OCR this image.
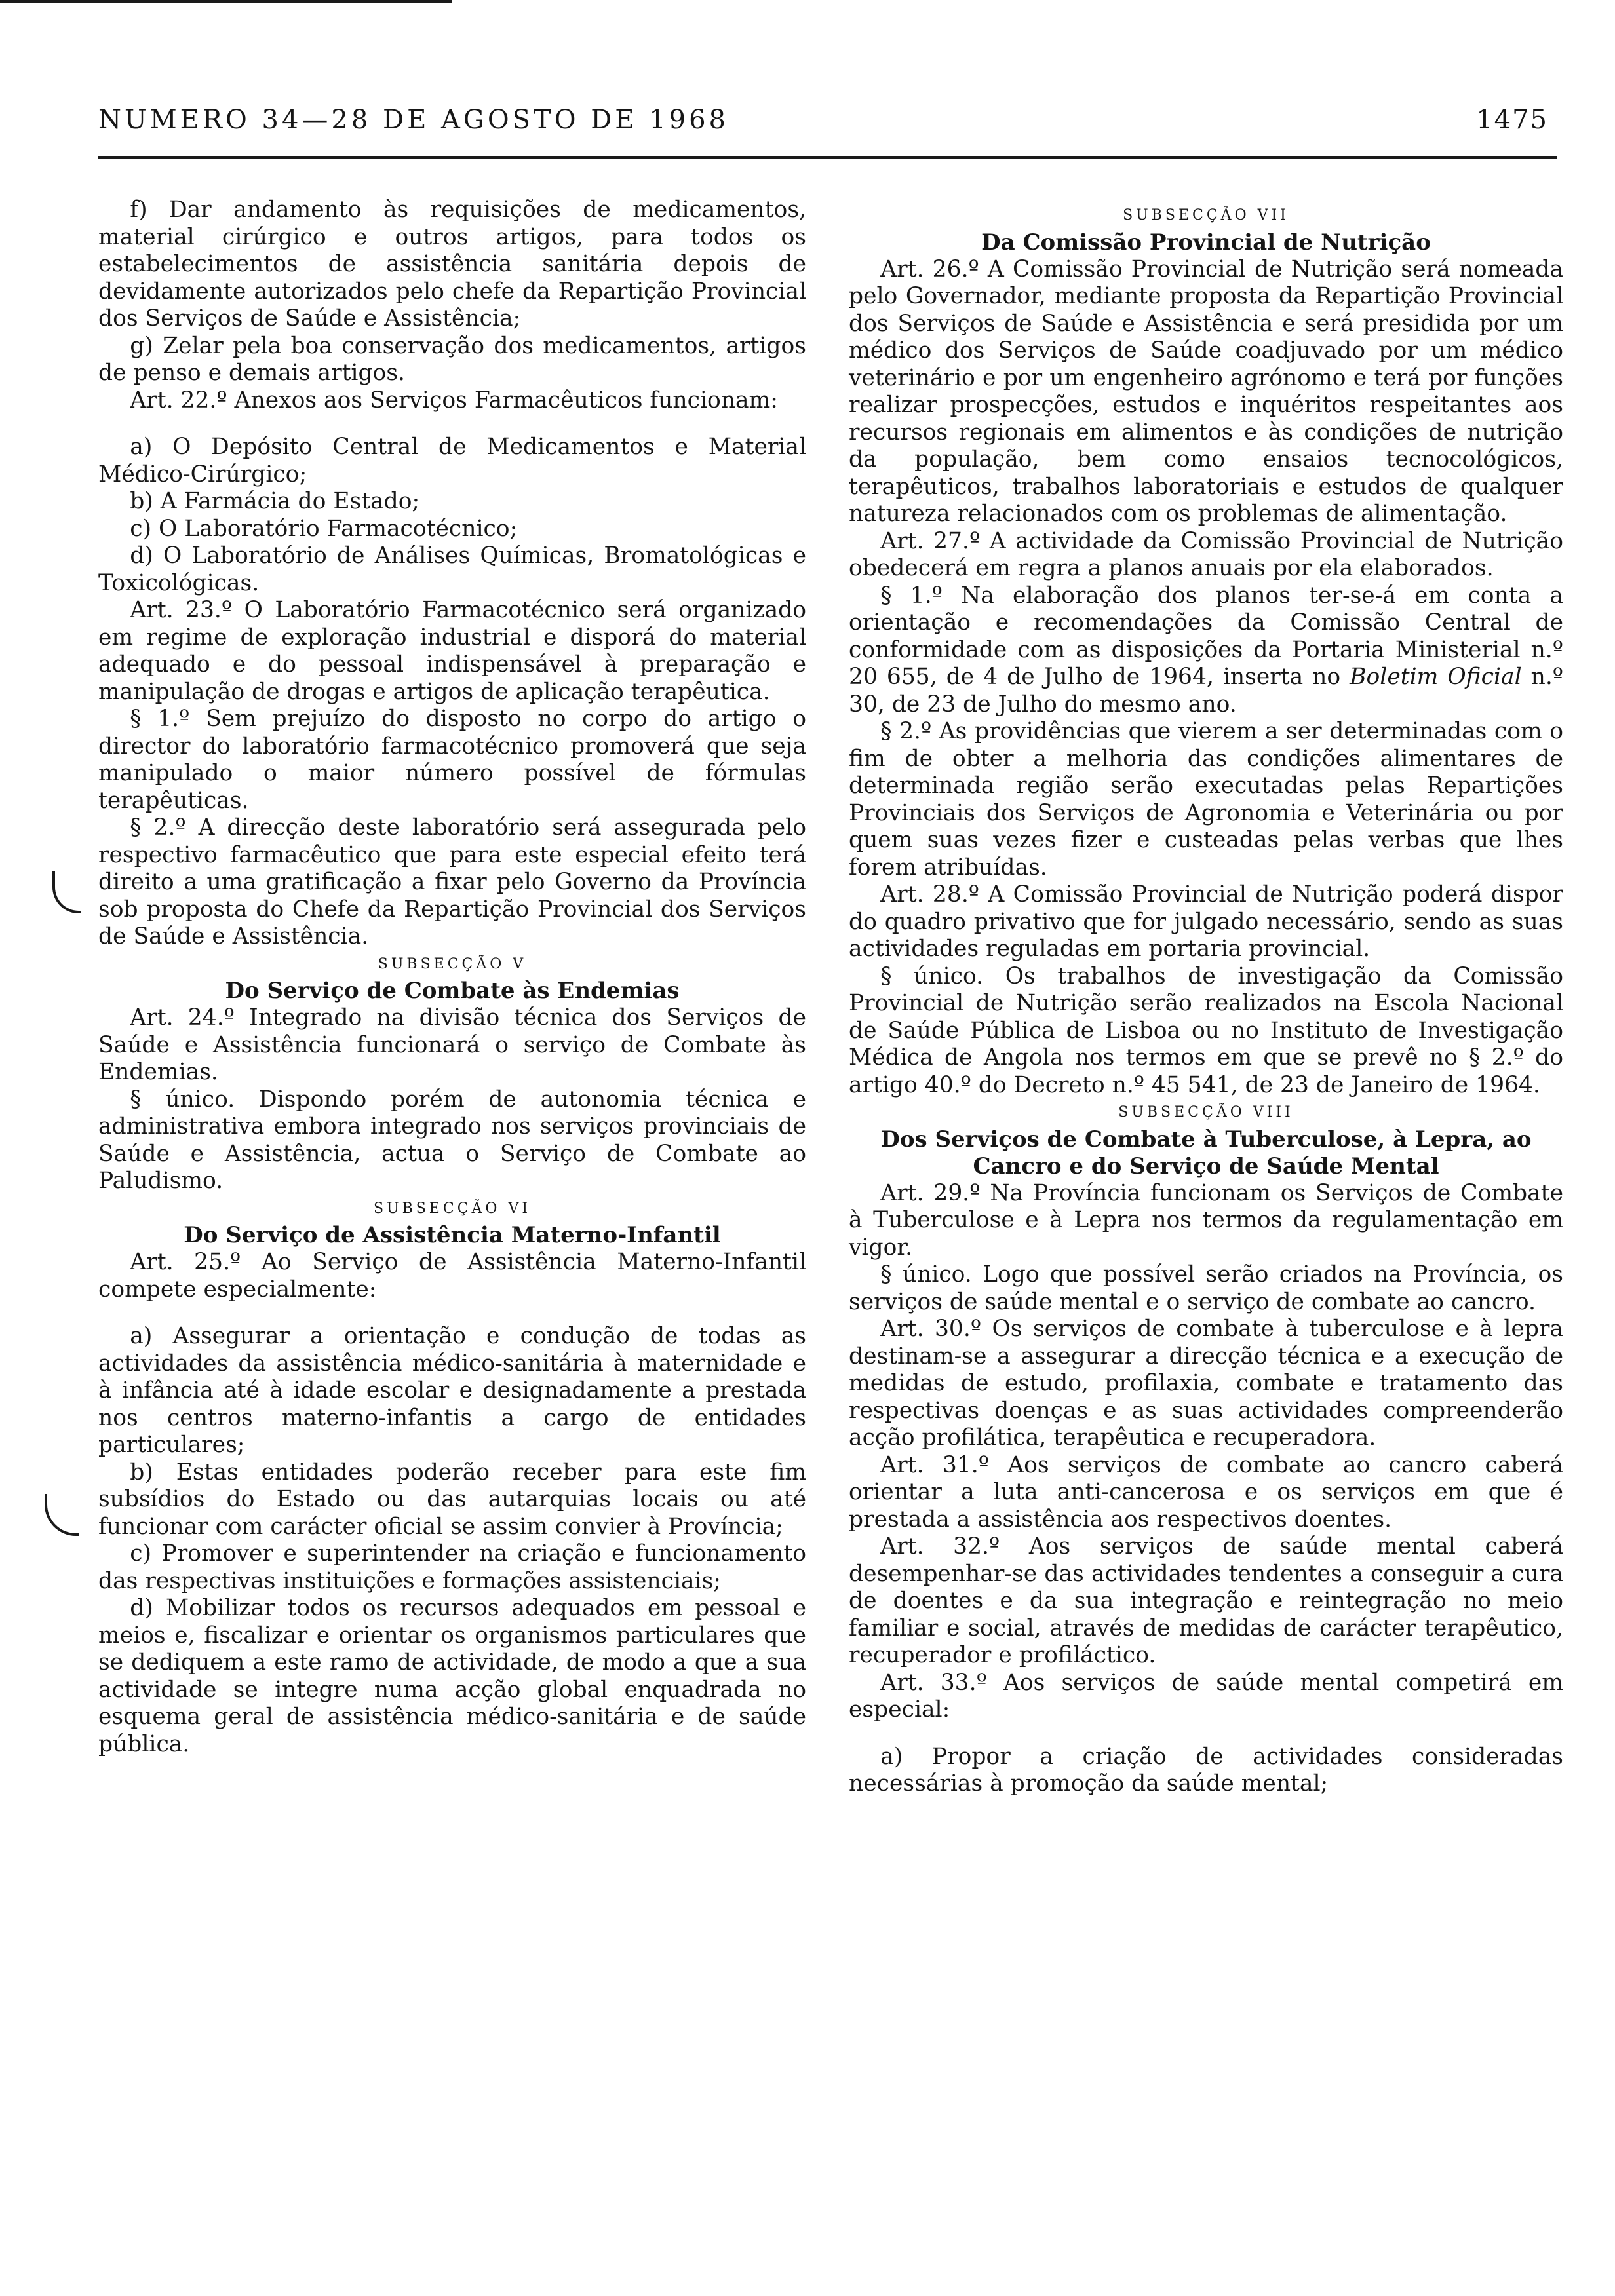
NUMERO 34—28 DE AGOSTO DE 1968	1475

f) Dar andamento às requisições de medicamentos, material cirúrgico e outros artigos, para todos os estabelecimentos de assistência sanitária depois de devidamente autorizados pelo chefe da Repartição Provincial dos Serviços de Saúde e Assistência;

g) Zelar pela boa conservação dos medicamentos, artigos de penso e demais artigos.

Art. 22.º Anexos aos Serviços Farmacêuticos funcionam:

a) O Depósito Central de Medicamentos e Material Médico-Cirúrgico;

b) A Farmácia do Estado;

c) O Laboratório Farmacotécnico;

d) O Laboratório de Análises Químicas, Bromatológicas e Toxicológicas.

Art. 23.º O Laboratório Farmacotécnico será organizado em regime de exploração industrial e disporá do material adequado e do pessoal indispensável à preparação e manipulação de drogas e artigos de aplicação terapêutica.

§ 1.º Sem prejuízo do disposto no corpo do artigo o director do laboratório farmacotécnico promoverá que seja manipulado o maior número possível de fórmulas terapêuticas.

§ 2.º A direcção deste laboratório será assegurada pelo respectivo farmacêutico que para este especial efeito terá direito a uma gratificação a fixar pelo Governo da Província sob proposta do Chefe da Repartição Provincial dos Serviços de Saúde e Assistência.

SUBSECÇÃO V

Do Serviço de Combate às Endemias

Art. 24.º Integrado na divisão técnica dos Serviços de Saúde e Assistência funcionará o serviço de Combate às Endemias.

§ único. Dispondo porém de autonomia técnica e administrativa embora integrado nos serviços provinciais de Saúde e Assistência, actua o Serviço de Combate ao Paludismo.

SUBSECÇÃO VI

Do Serviço de Assistência Materno-Infantil

Art. 25.º Ao Serviço de Assistência Materno-Infantil compete especialmente:

a) Assegurar a orientação e condução de todas as actividades da assistência médico-sanitária à maternidade e à infância até à idade escolar e designadamente a prestada nos centros materno-infantis a cargo de entidades particulares;

b) Estas entidades poderão receber para este fim subsídios do Estado ou das autarquias locais ou até funcionar com carácter oficial se assim convier à Província;

c) Promover e superintender na criação e funcionamento das respectivas instituições e formações assistenciais;

d) Mobilizar todos os recursos adequados em pessoal e meios e, fiscalizar e orientar os organismos particulares que se dediquem a este ramo de actividade, de modo a que a sua actividade se integre numa acção global enquadrada no esquema geral de assistência médico-sanitária e de saúde pública.

SUBSECÇÃO VII

Da Comissão Provincial de Nutrição

Art. 26.º A Comissão Provincial de Nutrição será nomeada pelo Governador, mediante proposta da Repartição Provincial dos Serviços de Saúde e Assistência e será presidida por um médico dos Serviços de Saúde coadjuvado por um médico veterinário e por um engenheiro agrónomo e terá por funções realizar prospecções, estudos e inquéritos respeitantes aos recursos regionais em alimentos e às condições de nutrição da população, bem como ensaios tecnocológicos, terapêuticos, trabalhos laboratoriais e estudos de qualquer natureza relacionados com os problemas de alimentação.

Art. 27.º A actividade da Comissão Provincial de Nutrição obedecerá em regra a planos anuais por ela elaborados.

§ 1.º Na elaboração dos planos ter-se-á em conta a orientação e recomendações da Comissão Central de conformidade com as disposições da Portaria Ministerial n.º 20 655, de 4 de Julho de 1964, inserta no Boletim Oficial n.º 30, de 23 de Julho do mesmo ano.

§ 2.º As providências que vierem a ser determinadas com o fim de obter a melhoria das condições alimentares de determinada região serão executadas pelas Repartições Provinciais dos Serviços de Agronomia e Veterinária ou por quem suas vezes fizer e custeadas pelas verbas que lhes forem atribuídas.

Art. 28.º A Comissão Provincial de Nutrição poderá dispor do quadro privativo que for julgado necessário, sendo as suas actividades reguladas em portaria provincial.

§ único. Os trabalhos de investigação da Comissão Provincial de Nutrição serão realizados na Escola Nacional de Saúde Pública de Lisboa ou no Instituto de Investigação Médica de Angola nos termos em que se prevê no § 2.º do artigo 40.º do Decreto n.º 45 541, de 23 de Janeiro de 1964.

SUBSECÇÃO VIII

Dos Serviços de Combate à Tuberculose, à Lepra, ao Cancro e do Serviço de Saúde Mental

Art. 29.º Na Província funcionam os Serviços de Combate à Tuberculose e à Lepra nos termos da regulamentação em vigor.

§ único. Logo que possível serão criados na Província, os serviços de saúde mental e o serviço de combate ao cancro.

Art. 30.º Os serviços de combate à tuberculose e à lepra destinam-se a assegurar a direcção técnica e a execução de medidas de estudo, profilaxia, combate e tratamento das respectivas doenças e as suas actividades compreenderão acção profilática, terapêutica e recuperadora.

Art. 31.º Aos serviços de combate ao cancro caberá orientar a luta anti-cancerosa e os serviços em que é prestada a assistência aos respectivos doentes.

Art. 32.º Aos serviços de saúde mental caberá desempenhar-se das actividades tendentes a conseguir a cura de doentes e da sua integração e reintegração no meio familiar e social, através de medidas de carácter terapêutico, recuperador e profiláctico.

Art. 33.º Aos serviços de saúde mental competirá em especial:

a) Propor a criação de actividades consideradas necessárias à promoção da saúde mental;
